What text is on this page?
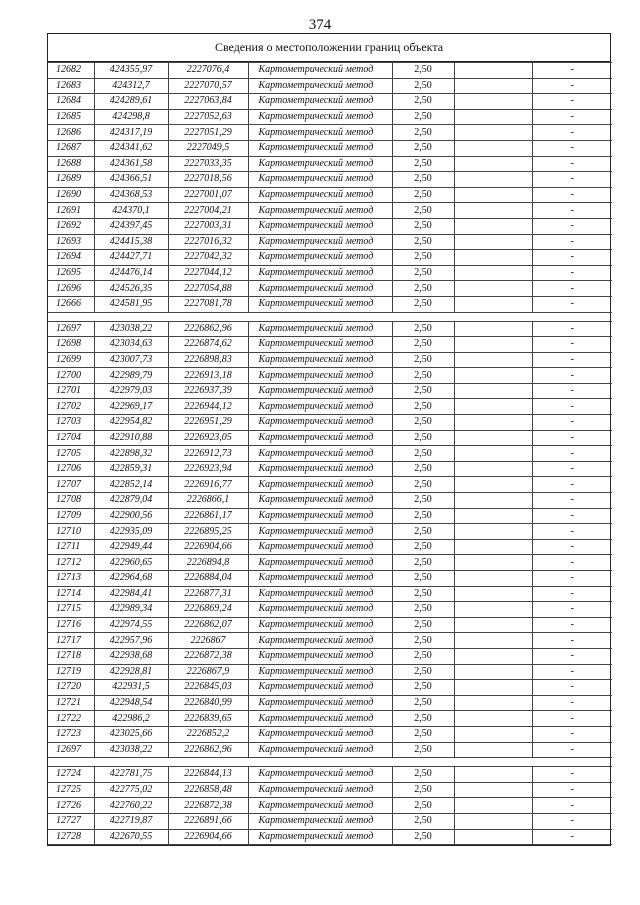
374
Сведения о местоположении границ объекта
12682	424355,97	2227076,4	Картометрический метод	2,50		-
12683	424312,7	2227070,57	Картометрический метод	2,50		-
12684	424289,61	2227063,84	Картометрический метод	2,50		-
12685	424298,8	2227052,63	Картометрический метод	2,50		-
12686	424317,19	2227051,29	Картометрический метод	2,50		-
12687	424341,62	2227049,5	Картометрический метод	2,50		-
12688	424361,58	2227033,35	Картометрический метод	2,50		-
12689	424366,51	2227018,56	Картометрический метод	2,50		-
12690	424368,53	2227001,07	Картометрический метод	2,50		-
12691	424370,1	2227004,21	Картометрический метод	2,50		-
12692	424397,45	2227003,31	Картометрический метод	2,50		-
12693	424415,38	2227016,32	Картометрический метод	2,50		-
12694	424427,71	2227042,32	Картометрический метод	2,50		-
12695	424476,14	2227044,12	Картометрический метод	2,50		-
12696	424526,35	2227054,88	Картометрический метод	2,50		-
12666	424581,95	2227081,78	Картометрический метод	2,50		-

12697	423038,22	2226862,96	Картометрический метод	2,50		-
12698	423034,63	2226874,62	Картометрический метод	2,50		-
12699	423007,73	2226898,83	Картометрический метод	2,50		-
12700	422989,79	2226913,18	Картометрический метод	2,50		-
12701	422979,03	2226937,39	Картометрический метод	2,50		-
12702	422969,17	2226944,12	Картометрический метод	2,50		-
12703	422954,82	2226951,29	Картометрический метод	2,50		-
12704	422910,88	2226923,05	Картометрический метод	2,50		-
12705	422898,32	2226912,73	Картометрический метод	2,50		-
12706	422859,31	2226923,94	Картометрический метод	2,50		-
12707	422852,14	2226916,77	Картометрический метод	2,50		-
12708	422879,04	2226866,1	Картометрический метод	2,50		-
12709	422900,56	2226861,17	Картометрический метод	2,50		-
12710	422935,09	2226895,25	Картометрический метод	2,50		-
12711	422949,44	2226904,66	Картометрический метод	2,50		-
12712	422960,65	2226894,8	Картометрический метод	2,50		-
12713	422964,68	2226884,04	Картометрический метод	2,50		-
12714	422984,41	2226877,31	Картометрический метод	2,50		-
12715	422989,34	2226869,24	Картометрический метод	2,50		-
12716	422974,55	2226862,07	Картометрический метод	2,50		-
12717	422957,96	2226867	Картометрический метод	2,50		-
12718	422938,68	2226872,38	Картометрический метод	2,50		-
12719	422928,81	2226867,9	Картометрический метод	2,50		-
12720	422931,5	2226845,03	Картометрический метод	2,50		-
12721	422948,54	2226840,99	Картометрический метод	2,50		-
12722	422986,2	2226839,65	Картометрический метод	2,50		-
12723	423025,66	2226852,2	Картометрический метод	2,50		-
12697	423038,22	2226862,96	Картометрический метод	2,50		-

12724	422781,75	2226844,13	Картометрический метод	2,50		-
12725	422775,02	2226858,48	Картометрический метод	2,50		-
12726	422760,22	2226872,38	Картометрический метод	2,50		-
12727	422719,87	2226891,66	Картометрический метод	2,50		-
12728	422670,55	2226904,66	Картометрический метод	2,50		-
